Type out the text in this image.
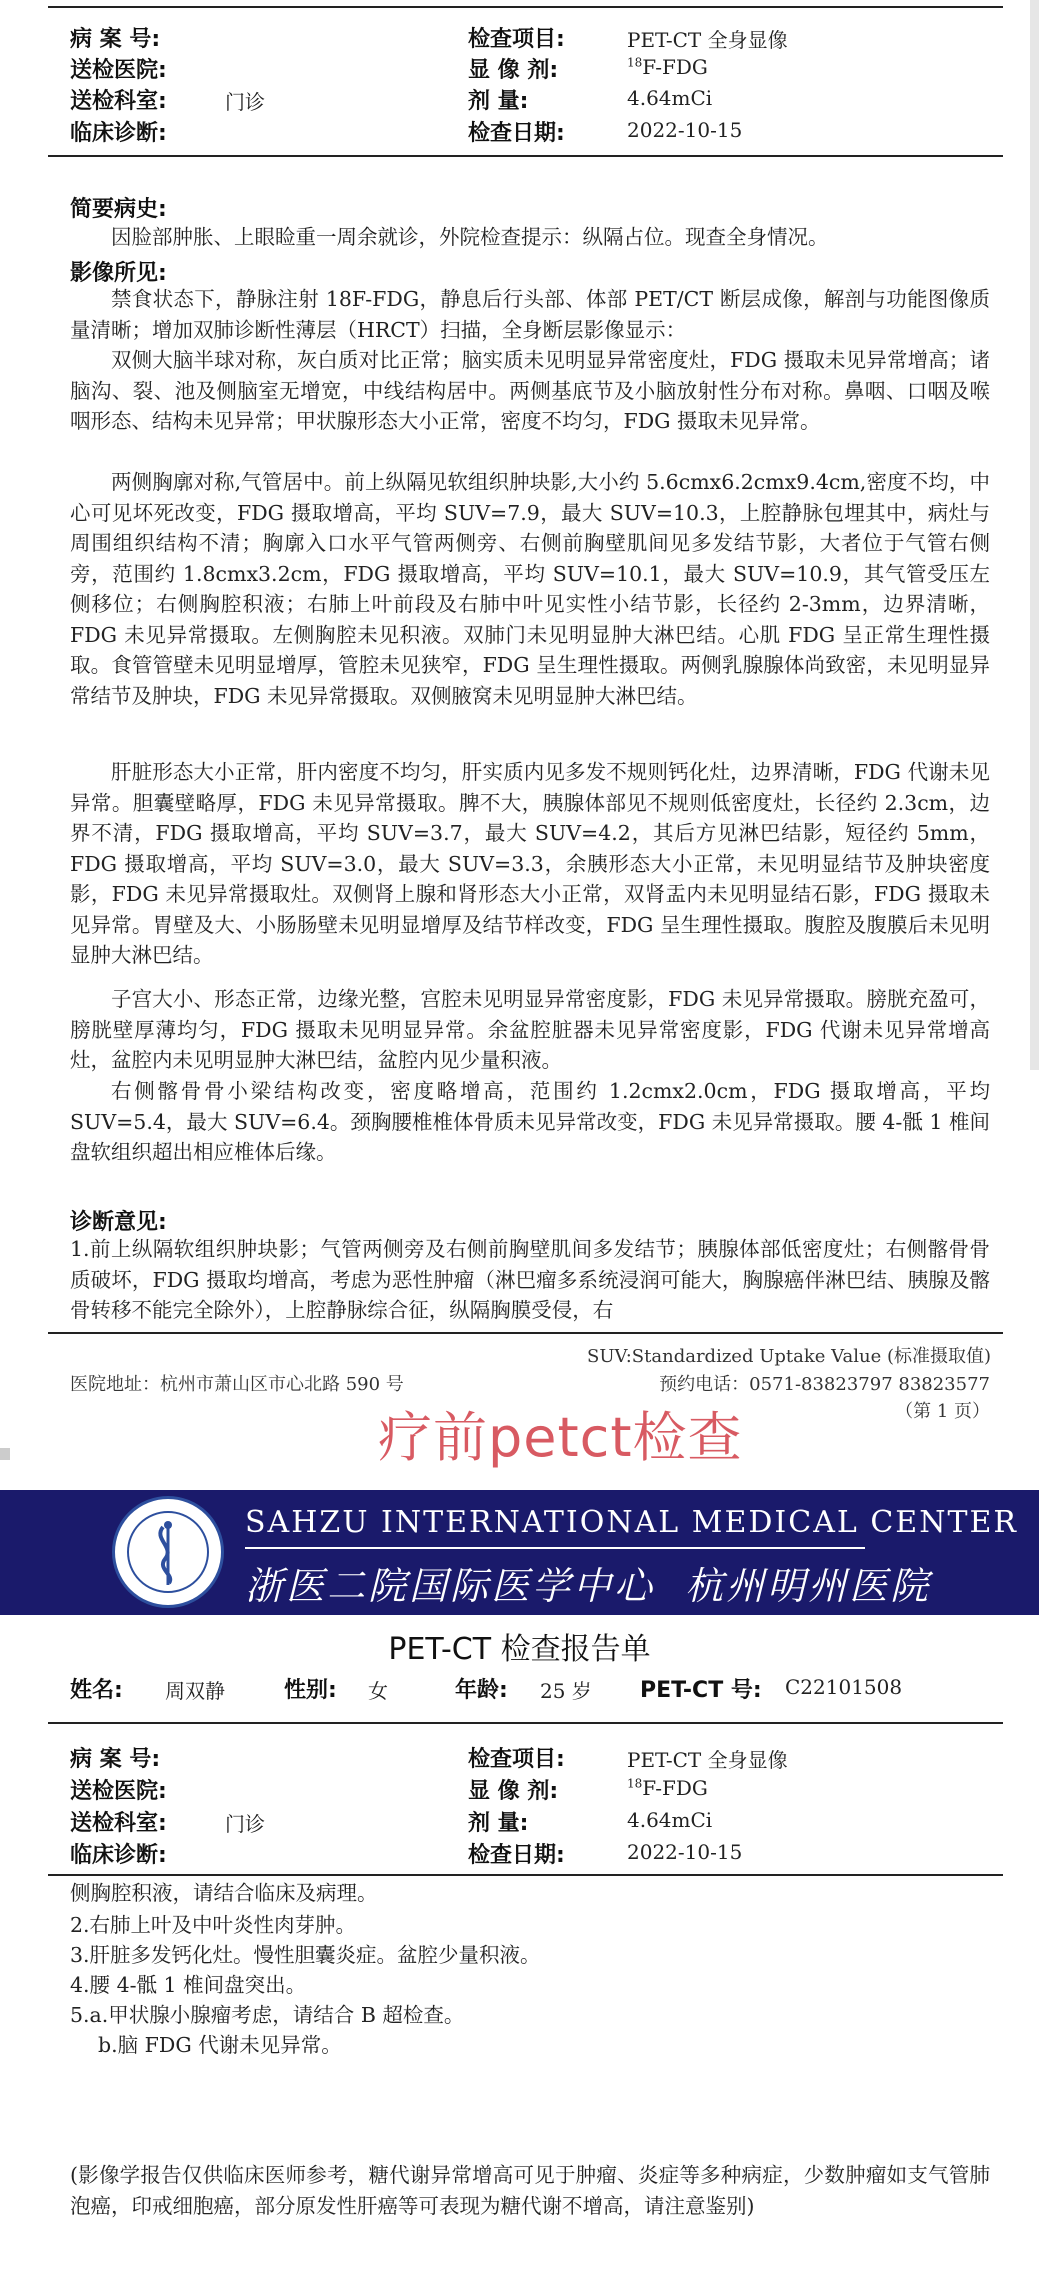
病 案 号:
送检医院:
送检科室:	门诊
临床诊断:
检查项目:	PET-CT 全身显像
显 像 剂:	$^{18}$F-FDG
剂 量:	4.64mCi
检查日期:	2022-10-15
简要病史:
因脸部肿胀、上眼睑重一周余就诊，外院检查提示：纵隔占位。现查全身情况。
影像所见:
禁食状态下，静脉注射 18F-FDG，静息后行头部、体部 PET/CT 断层成像，解剖与功能图像质量清晰；增加双肺诊断性薄层（HRCT）扫描，全身断层影像显示：
双侧大脑半球对称，灰白质对比正常；脑实质未见明显异常密度灶，FDG 摄取未见异常增高；诸脑沟、裂、池及侧脑室无增宽，中线结构居中。两侧基底节及小脑放射性分布对称。鼻咽、口咽及喉咽形态、结构未见异常；甲状腺形态大小正常，密度不均匀，FDG 摄取未见异常。
两侧胸廓对称,气管居中。前上纵隔见软组织肿块影,大小约 5.6cmx6.2cmx9.4cm,密度不均，中心可见坏死改变，FDG 摄取增高，平均 SUV=7.9，最大 SUV=10.3，上腔静脉包埋其中，病灶与周围组织结构不清；胸廓入口水平气管两侧旁、右侧前胸壁肌间见多发结节影，大者位于气管右侧旁，范围约 1.8cmx3.2cm，FDG 摄取增高，平均 SUV=10.1，最大 SUV=10.9，其气管受压左侧移位；右侧胸腔积液；右肺上叶前段及右肺中叶见实性小结节影，长径约 2-3mm，边界清晰，FDG 未见异常摄取。左侧胸腔未见积液。双肺门未见明显肿大淋巴结。心肌 FDG 呈正常生理性摄取。食管管壁未见明显增厚，管腔未见狭窄，FDG 呈生理性摄取。两侧乳腺腺体尚致密，未见明显异常结节及肿块，FDG 未见异常摄取。双侧腋窝未见明显肿大淋巴结。
肝脏形态大小正常，肝内密度不均匀，肝实质内见多发不规则钙化灶，边界清晰，FDG 代谢未见异常。胆囊壁略厚，FDG 未见异常摄取。脾不大，胰腺体部见不规则低密度灶，长径约 2.3cm，边界不清，FDG 摄取增高，平均 SUV=3.7，最大 SUV=4.2，其后方见淋巴结影，短径约 5mm，FDG 摄取增高，平均 SUV=3.0，最大 SUV=3.3，余胰形态大小正常，未见明显结节及肿块密度影，FDG 未见异常摄取灶。双侧肾上腺和肾形态大小正常，双肾盂内未见明显结石影，FDG 摄取未见异常。胃壁及大、小肠肠壁未见明显增厚及结节样改变，FDG 呈生理性摄取。腹腔及腹膜后未见明显肿大淋巴结。
子宫大小、形态正常，边缘光整，宫腔未见明显异常密度影，FDG 未见异常摄取。膀胱充盈可，膀胱壁厚薄均匀，FDG 摄取未见明显异常。余盆腔脏器未见异常密度影，FDG 代谢未见异常增高灶，盆腔内未见明显肿大淋巴结，盆腔内见少量积液。
右侧髂骨骨小梁结构改变，密度略增高，范围约 1.2cmx2.0cm，FDG 摄取增高，平均 SUV=5.4，最大 SUV=6.4。颈胸腰椎椎体骨质未见异常改变，FDG 未见异常摄取。腰 4-骶 1 椎间盘软组织超出相应椎体后缘。
诊断意见:
1.前上纵隔软组织肿块影；气管两侧旁及右侧前胸壁肌间多发结节；胰腺体部低密度灶；右侧髂骨骨质破坏，FDG 摄取均增高，考虑为恶性肿瘤（淋巴瘤多系统浸润可能大，胸腺癌伴淋巴结、胰腺及髂骨转移不能完全除外），上腔静脉综合征，纵隔胸膜受侵，右
SUV:Standardized Uptake Value (标准摄取值)
医院地址：杭州市萧山区市心北路 590 号	预约电话：0571-83823797 83823577
（第 1 页）
疗前petct检查
SAHZU INTERNATIONAL MEDICAL CENTER
浙医二院国际医学中心  杭州明州医院
PET-CT 检查报告单
姓名: 周双静	性别: 女	年龄: 25 岁 PET-CT 号: C22101508
病 案 号:
送检医院:
送检科室:	门诊
临床诊断:
检查项目:	PET-CT 全身显像
显 像 剂:	$^{18}$F-FDG
剂 量:	4.64mCi
检查日期:	2022-10-15
侧胸腔积液，请结合临床及病理。
2.右肺上叶及中叶炎性肉芽肿。
3.肝脏多发钙化灶。慢性胆囊炎症。盆腔少量积液。
4.腰 4-骶 1 椎间盘突出。
5.a.甲状腺小腺瘤考虑，请结合 B 超检查。
b.脑 FDG 代谢未见异常。
(影像学报告仅供临床医师参考，糖代谢异常增高可见于肿瘤、炎症等多种病症，少数肿瘤如支气管肺泡癌，印戒细胞癌，部分原发性肝癌等可表现为糖代谢不增高，请注意鉴别)
